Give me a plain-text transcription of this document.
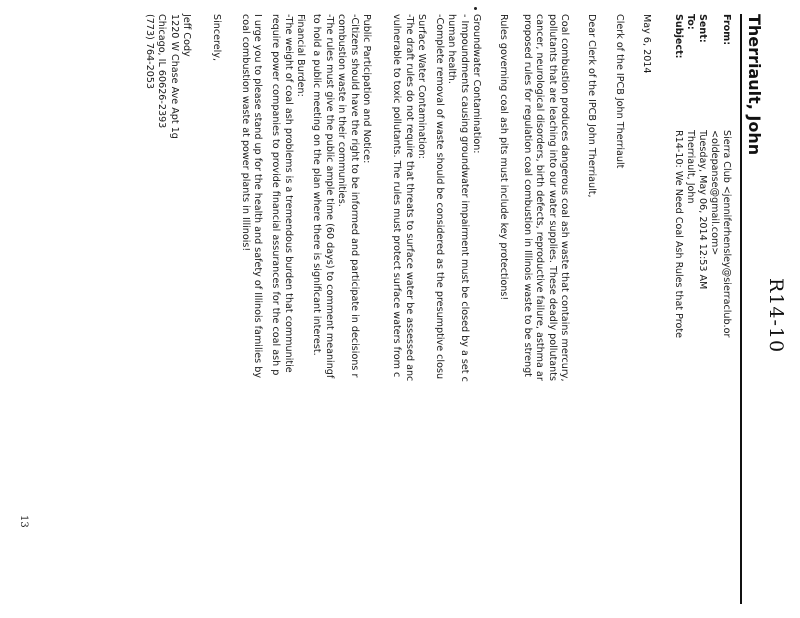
R14-10
Therriault, John
From:
Sierra Club <jenniferhensley@sierraclub.or
<oldepanse@gmail.com>
Sent:
Tuesday, May 06, 2014 12:53 AM
To:
Therriault, John
Subject:
R14-10: We Need Coal Ash Rules that Prote
May 6, 2014
Clerk of the IPCB John Therriault
Dear Clerk of the IPCB John Therriault,
Coal combustion produces dangerous coal ash waste that contains mercury,
pollutants that are leaching into our water supplies. These deadly pollutants
cancer, neurological disorders, birth defects, reproductive failure, asthma ar
proposed rules for regulation coal combustion in Illinois waste to be strengt
Rules governing coal ash pits must include key protections!
Groundwater Contamination:
- Impoundments causing groundwater impairment must be closed by a set c
human health.
-Complete removal of waste should be considered as the presumptive closu
Surface Water Contamination:
-The draft rules do not require that threats to surface water be assessed anc
vulnerable to toxic pollutants. The rules must protect surface waters from c
Public Participation and Notice:
-Citizens should have the right to be informed and participate in decisions r
combustion waste in their communities.
-The rules must give the public ample time (60 days) to comment meaningf
to hold a public meeting on the plan where there is significant interest.
Financial Burden:
-The weight of coal ash problems is a tremendous burden that communitie
require power companies to provide financial assurances for the coal ash p
I urge you to please stand up for the health and safety of Illinois families by
coal combustion waste at power plants in Illinois!
Sincerely,
Jeff Cody
1220 W Chase Ave Apt 1g
Chicago, IL 60626-2393
(773) 764-2053
13
